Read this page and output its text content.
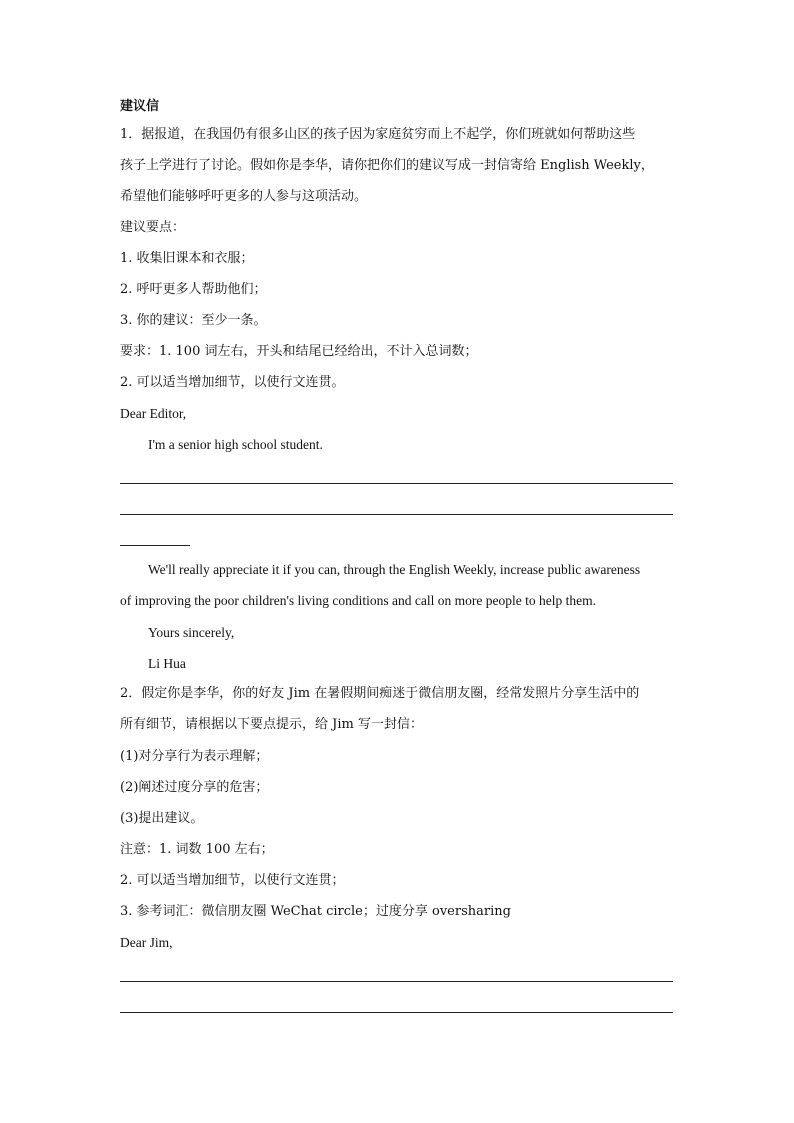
建议信
1．据报道，在我国仍有很多山区的孩子因为家庭贫穷而上不起学，你们班就如何帮助这些
孩子上学进行了讨论。假如你是李华，请你把你们的建议写成一封信寄给 English Weekly，
希望他们能够呼吁更多的人参与这项活动。
建议要点：
1. 收集旧课本和衣服；
2. 呼吁更多人帮助他们；
3. 你的建议：至少一条。
要求：1. 100 词左右，开头和结尾已经给出，不计入总词数；
2. 可以适当增加细节，以使行文连贯。
Dear Editor,
I'm a senior high school student.
We'll really appreciate it if you can, through the English Weekly, increase public awareness
of improving the poor children's living conditions and call on more people to help them.
Yours sincerely,
Li Hua
2．假定你是李华，你的好友 Jim 在暑假期间痴迷于微信朋友圈，经常发照片分享生活中的
所有细节，请根据以下要点提示，给 Jim 写一封信：
(1)对分享行为表示理解；
(2)阐述过度分享的危害；
(3)提出建议。
注意：1. 词数 100 左右；
2. 可以适当增加细节，以使行文连贯；
3. 参考词汇：微信朋友圈 WeChat circle；过度分享 oversharing
Dear Jim,
